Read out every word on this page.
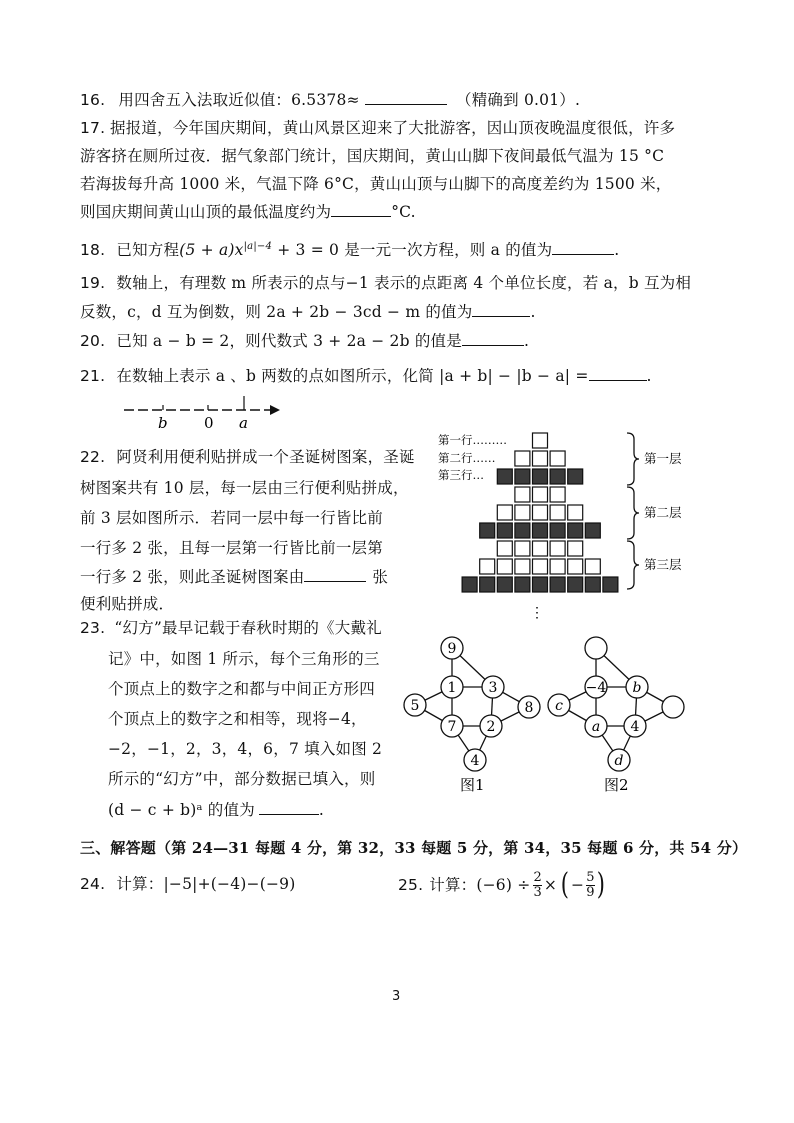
16. 用四舍五入法取近似值：6.5378≈	（精确到 0.01）.
17. 据报道，今年国庆期间，黄山风景区迎来了大批游客，因山顶夜晚温度很低，许多
游客挤在厕所过夜．据气象部门统计，国庆期间，黄山山脚下夜间最低气温为 15 °C
若海拔每升高 1000 米，气温下降 6°C，黄山山顶与山脚下的高度差约为 1500 米，
则国庆期间黄山山顶的最低温度约为	°C.
18. 已知方程$(5 + a)x^{|a|-4} + 3 = 0$ 是一元一次方程，则 a 的值为	.
19. 数轴上，有理数 m 所表示的点与−1 表示的点距离 4 个单位长度，若 a，b 互为相
反数，c，d 互为倒数，则 2a + 2b − 3cd − m 的值为	.
20. 已知 a − b = 2，则代数式 3 + 2a − 2b 的值是	.
21. 在数轴上表示 a 、b 两数的点如图所示，化简 |a + b| − |b − a| =	.
b 0 a
22. 阿贤利用便利贴拼成一个圣诞树图案，圣诞
树图案共有 10 层，每一层由三行便利贴拼成，
前 3 层如图所示．若同一层中每一行皆比前
一行多 2 张，且每一层第一行皆比前一层第
一行多 2 张，则此圣诞树图案由	张
便利贴拼成．
第一行………
第二行……
第三行…
第一层
第二层
第三层
⋮
23. “幻方”最早记载于春秋时期的《大戴礼
记》中，如图 1 所示，每个三角形的三
个顶点上的数字之和都与中间正方形四
个顶点上的数字之和相等，现将−4，
−2，−1，2，3，4，6，7 填入如图 2
所示的“幻方”中，部分数据已填入，则
(d − c + b)ᵃ 的值为	.
9
1 3
5	8
7 2
4
−4 b
c
a 4
d
图1	图2
三、解答题（第 24—31 每题 4 分，第 32，33 每题 5 分，第 34，35 每题 6 分，共 54 分）
24. 计算：|−5|+(−4)−(−9)	25. 计算：$(-6) \div \frac{2}{3}$ × ( − $\frac{5}{9}$ )
3
